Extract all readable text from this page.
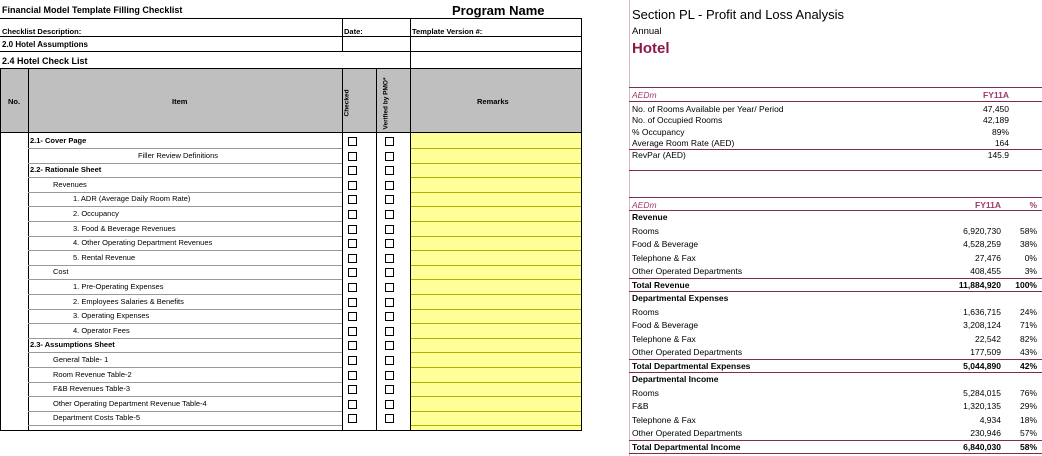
Financial Model Template Filling Checklist	Program Name
Checklist Description:	Date:	Template Version #:
2.0 Hotel Assumptions
2.4 Hotel Check List
No.	Item	Checked	Verified by PMO*	Remarks
2.1- Cover Page
Filler Review Definitions
2.2- Rationale Sheet
Revenues
1. ADR (Average Daily Room Rate)
2. Occupancy
3. Food & Beverage Revenues
4. Other Operating Department Revenues
5. Rental Revenue
Cost
1. Pre-Operating Expenses
2. Employees Salaries & Benefits
3. Operating Expenses
4. Operator Fees
2.3- Assumptions Sheet
General Table- 1
Room Revenue Table-2
F&B Revenues Table-3
Other Operating Department Revenue Table-4
Department Costs Table-5
Section PL - Profit and Loss Analysis
Annual
Hotel
AEDm	FY11A
No. of Rooms Available per Year/ Period	47,450
No. of Occupied Rooms	42,189
% Occupancy	89%
Average Room Rate (AED)	164
RevPar (AED)	145.9
AEDm	FY11A	%
Revenue
Rooms	6,920,730 58%
Food & Beverage	4,528,259 38%
Telephone & Fax	27,476	0%
Other Operated Departments	408,455	3%
Total Revenue	11,884,920 100%
Departmental Expenses
Rooms	1,636,715 24%
Food & Beverage	3,208,124 71%
Telephone & Fax	22,542 82%
Other Operated Departments	177,509 43%
Total Departmental Expenses	5,044,890 42%
Departmental Income
Rooms	5,284,015 76%
F&B	1,320,135 29%
Telephone & Fax	4,934 18%
Other Operated Departments	230,946 57%
Total Departmental Income	6,840,030 58%
